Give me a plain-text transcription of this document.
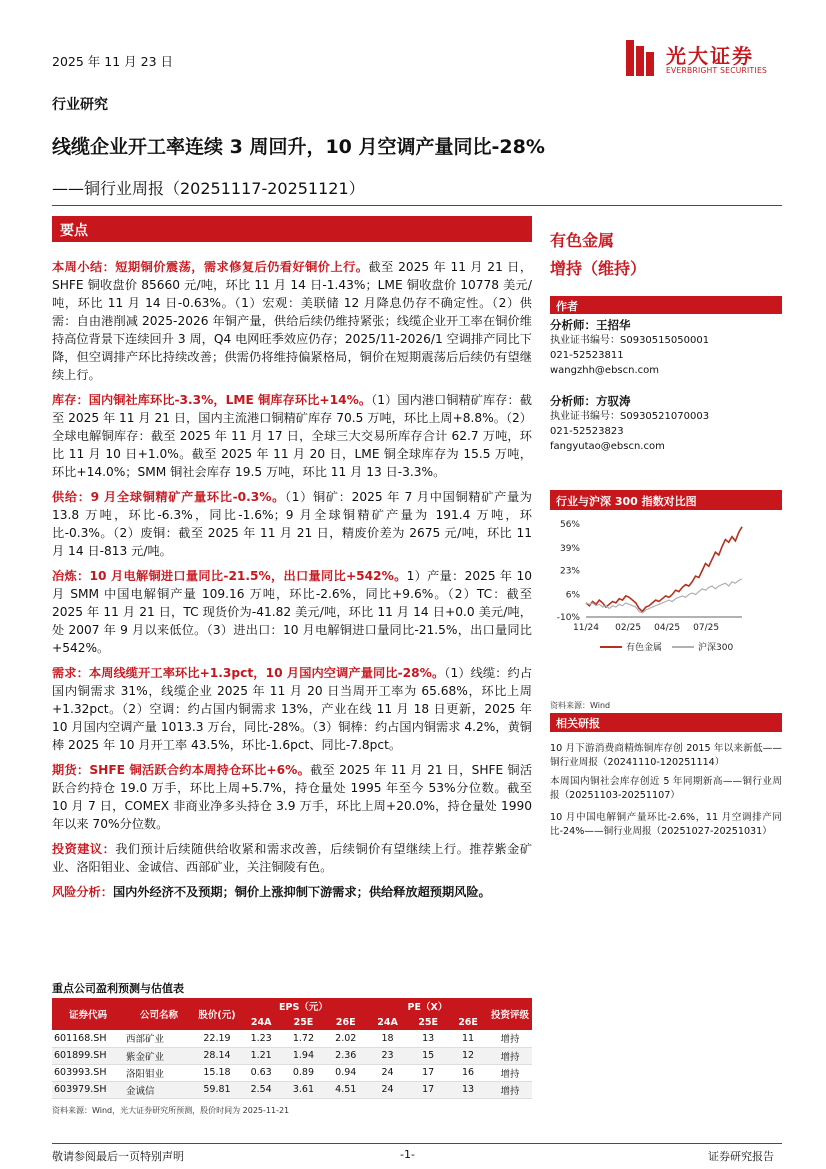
2025 年 11 月 23 日	光大证券
EVERBRIGHT SECURITIES
行业研究
线缆企业开工率连续 3 周回升，10 月空调产量同比-28%
——铜行业周报（20251117-20251121）
要点

本周小结：短期铜价震荡，需求修复后仍看好铜价上行。截至 2025 年 11 月 21 日，SHFE 铜收盘价 85660 元/吨，环比 11 月 14 日-1.43%；LME 铜收盘价 10778 美元/吨，环比 11 月 14 日-0.63%。（1）宏观：美联储 12 月降息仍存不确定性。（2）供需：自由港削减 2025-2026 年铜产量，供给后续仍维持紧张；线缆企业开工率在铜价维持高位背景下连续回升 3 周，Q4 电网旺季效应仍存；2025/11-2026/1 空调排产同比下降，但空调排产环比持续改善；供需仍将维持偏紧格局，铜价在短期震荡后后续仍有望继续上行。

库存：国内铜社库环比-3.3%，LME 铜库存环比+14%。（1）国内港口铜精矿库存：截至 2025 年 11 月 21 日，国内主流港口铜精矿库存 70.5 万吨，环比上周+8.8%。（2）全球电解铜库存：截至 2025 年 11 月 17 日，全球三大交易所库存合计 62.7 万吨，环比 11 月 10 日+1.0%。截至 2025 年 11 月 20 日，LME 铜全球库存为 15.5 万吨，环比+14.0%；SMM 铜社会库存 19.5 万吨，环比 11 月 13 日-3.3%。

供给：9 月全球铜精矿产量环比-0.3%。（1）铜矿：2025 年 7 月中国铜精矿产量为 13.8 万吨，环比-6.3%，同比-1.6%；9 月全球铜精矿产量为 191.4 万吨，环比-0.3%。（2）废铜：截至 2025 年 11 月 21 日，精废价差为 2675 元/吨，环比 11 月 14 日-813 元/吨。

冶炼：10 月电解铜进口量同比-21.5%，出口量同比+542%。1）产量：2025 年 10 月 SMM 中国电解铜产量 109.16 万吨，环比-2.6%，同比+9.6%。（2）TC：截至 2025 年 11 月 21 日，TC 现货价为-41.82 美元/吨，环比 11 月 14 日+0.0 美元/吨，处 2007 年 9 月以来低位。（3）进出口：10 月电解铜进口量同比-21.5%，出口量同比+542%。

需求：本周线缆开工率环比+1.3pct，10 月国内空调产量同比-28%。（1）线缆：约占国内铜需求 31%，线缆企业 2025 年 11 月 20 日当周开工率为 65.68%，环比上周+1.32pct。（2）空调：约占国内铜需求 13%，产业在线 11 月 18 日更新，2025 年 10 月国内空调产量 1013.3 万台，同比-28%。（3）铜棒：约占国内铜需求 4.2%，黄铜棒 2025 年 10 月开工率 43.5%，环比-1.6pct、同比-7.8pct。

期货：SHFE 铜活跃合约本周持仓环比+6%。截至 2025 年 11 月 21 日，SHFE 铜活跃合约持仓 19.0 万手，环比上周+5.7%，持仓量处 1995 年至今 53%分位数。截至 10 月 7 日，COMEX 非商业净多头持仓 3.9 万手，环比上周+20.0%，持仓量处 1990 年以来 70%分位数。

投资建议：我们预计后续随供给收紧和需求改善，后续铜价有望继续上行。推荐紫金矿业、洛阳钼业、金诚信、西部矿业，关注铜陵有色。

风险分析：国内外经济不及预期；铜价上涨抑制下游需求；供给释放超预期风险。

重点公司盈利预测与估值表
证券代码	公司名称	股价(元)	EPS（元）			PE（X）			投资评级
			24A	25E	26E	24A	25E	26E	
601168.SH	西部矿业	22.19	1.23	1.72	2.02	18	13	11	增持
601899.SH	紫金矿业	28.14	1.21	1.94	2.36	23	15	12	增持
603993.SH	洛阳钼业	15.18	0.63	0.89	0.94	24	17	16	增持
603979.SH	金诚信	59.81	2.54	3.61	4.51	24	17	13	增持
资料来源：Wind，光大证券研究所预测，股价时间为 2025-11-21
有色金属
增持（维持）
作者
分析师：王招华
执业证书编号：S0930515050001
021-52523811
wangzhh@ebscn.com
分析师：方驭涛
执业证书编号：S0930521070003
021-52523823
fangyutao@ebscn.com
行业与沪深 300 指数对比图
56%
39%
23%
6%
-10%
11/24 02/25 04/25 07/25
有色金属	沪深300
资料来源：Wind
相关研报
10 月下游消费商精炼铜库存创 2015 年以来新低——铜行业周报（20241110-120251114）
本周国内铜社会库存创近 5 年同期新高——铜行业周报（20251103-20251107）
10 月中国电解铜产量环比-2.6%，11 月空调排产同比-24%——铜行业周报（20251027-20251031）
敬请参阅最后一页特别声明	-1-	证券研究报告
